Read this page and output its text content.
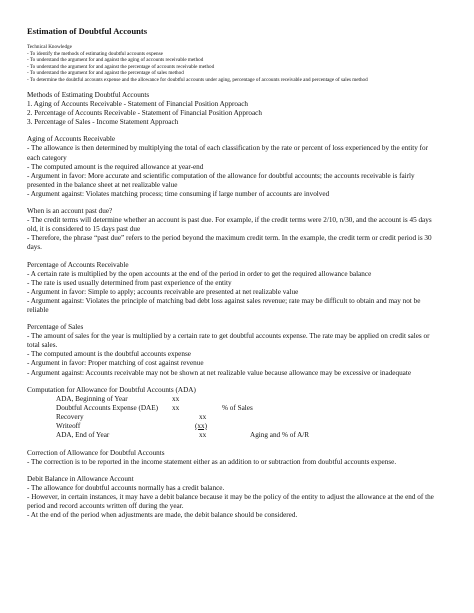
Estimation of Doubtful Accounts
Technical Knowledge
- To identify the methods of estimating doubtful accounts expense
- To understand the argument for and against the aging of accounts receivable method
- To understand the argument for and against the percentage of accounts receivable method
- To understand the argument for and against the percentage of sales method
- To determine the doubtful accounts expense and the allowance for doubtful accounts under aging, percentage of accounts receivable and percentage of sales method
Methods of Estimating Doubtful Accounts
1. Aging of Accounts Receivable - Statement of Financial Position Approach
2. Percentage of Accounts Receivable - Statement of Financial Position Approach
3. Percentage of Sales - Income Statement Approach
Aging of Accounts Receivable
- The allowance is then determined by multiplying the total of each classification by the rate or percent of loss experienced by the entity for each category
- The computed amount is the required allowance at year-end
- Argument in favor: More accurate and scientific computation of the allowance for doubtful accounts; the accounts receivable is fairly presented in the balance sheet at net realizable value
- Argument against: Violates matching process; time consuming if large number of accounts are involved
When is an account past due?
- The credit terms will determine whether an account is past due. For example, if the credit terms were 2/10, n/30, and the account is 45 days old, it is considered to 15 days past due
- Therefore, the phrase “past due” refers to the period beyond the maximum credit term. In the example, the credit term or credit period is 30 days.
Percentage of Accounts Receivable
- A certain rate is multiplied by the open accounts at the end of the period in order to get the required allowance balance
- The rate is used usually determined from past experience of the entity
- Argument in favor: Simple to apply; accounts receivable are presented at net realizable value
- Argument against: Violates the principle of matching bad debt loss against sales revenue; rate may be difficult to obtain and may not be reliable
Percentage of Sales
- The amount of sales for the year is multiplied by a certain rate to get doubtful accounts expense. The rate may be applied on credit sales or total sales.
- The computed amount is the doubtful accounts expense
- Argument in favor: Proper matching of cost against revenue
- Argument against: Accounts receivable may not be shown at net realizable value because allowance may be excessive or inadequate
Computation for Allowance for Doubtful Accounts (ADA)
ADA, Beginning of Year	xx
Doubtful Accounts Expense (DAE) xx	% of Sales
Recovery	xx
Writeoff	(xx)
ADA, End of Year	xx	Aging and % of A/R
Correction of Allowance for Doubtful Accounts
- The correction is to be reported in the income statement either as an addition to or subtraction from doubtful accounts expense.
Debit Balance in Allowance Account
- The allowance for doubtful accounts normally has a credit balance.
- However, in certain instances, it may have a debit balance because it may be the policy of the entity to adjust the allowance at the end of the period and record accounts written off during the year.
- At the end of the period when adjustments are made, the debit balance should be considered.
